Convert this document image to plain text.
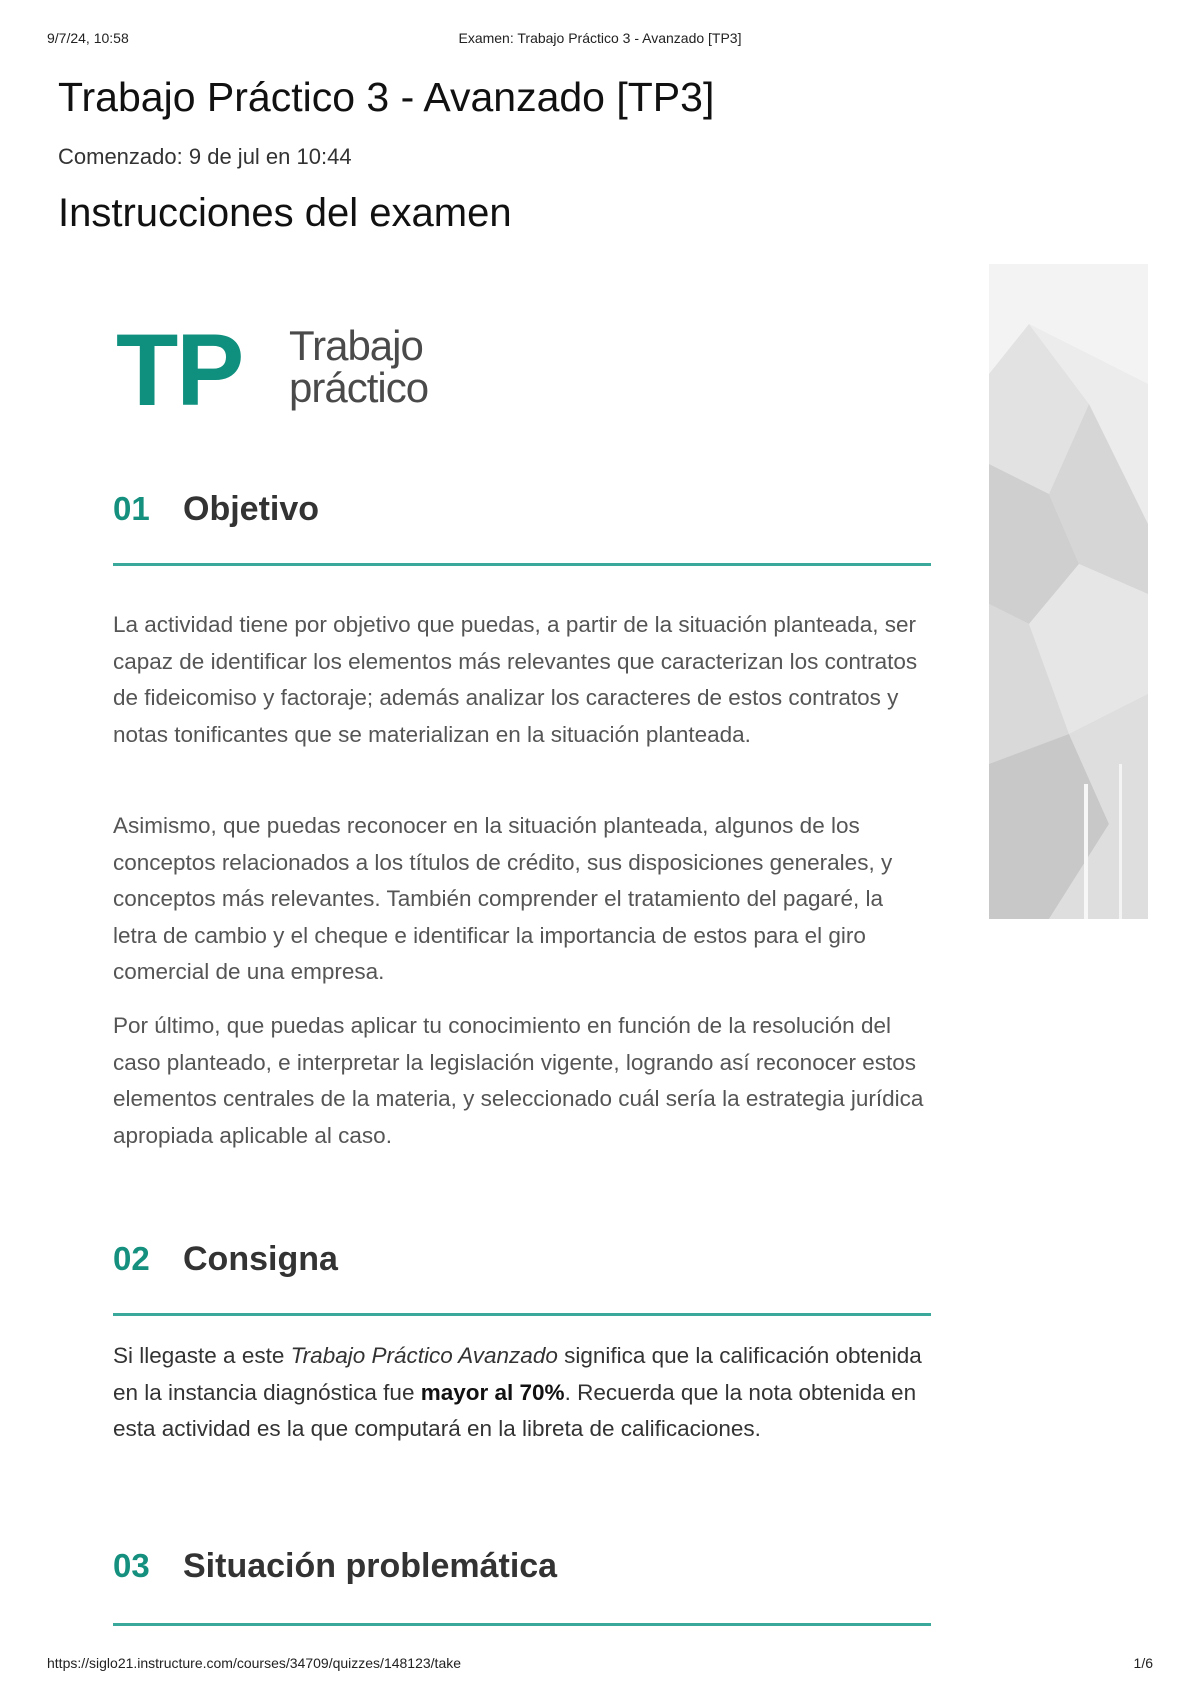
9/7/24, 10:58	Examen: Trabajo Práctico 3 - Avanzado [TP3]
Trabajo Práctico 3 - Avanzado [TP3]
Comenzado: 9 de jul en 10:44
Instrucciones del examen
TP Trabajo
práctico
01 Objetivo

La actividad tiene por objetivo que puedas, a partir de la situación planteada, ser capaz de identificar los elementos más relevantes que caracterizan los contratos de fideicomiso y factoraje; además analizar los caracteres de estos contratos y notas tonificantes que se materializan en la situación planteada.

Asimismo, que puedas reconocer en la situación planteada, algunos de los conceptos relacionados a los títulos de crédito, sus disposiciones generales, y conceptos más relevantes. También comprender el tratamiento del pagaré, la letra de cambio y el cheque e identificar la importancia de estos para el giro comercial de una empresa.

Por último, que puedas aplicar tu conocimiento en función de la resolución del caso planteado, e interpretar la legislación vigente, logrando así reconocer estos elementos centrales de la materia, y seleccionado cuál sería la estrategia jurídica apropiada aplicable al caso.

02 Consigna

Si llegaste a este Trabajo Práctico Avanzado significa que la calificación obtenida en la instancia diagnóstica fue mayor al 70%. Recuerda que la nota obtenida en esta actividad es la que computará en la libreta de calificaciones.

03 Situación problemática
https://siglo21.instructure.com/courses/34709/quizzes/148123/take	1/6
